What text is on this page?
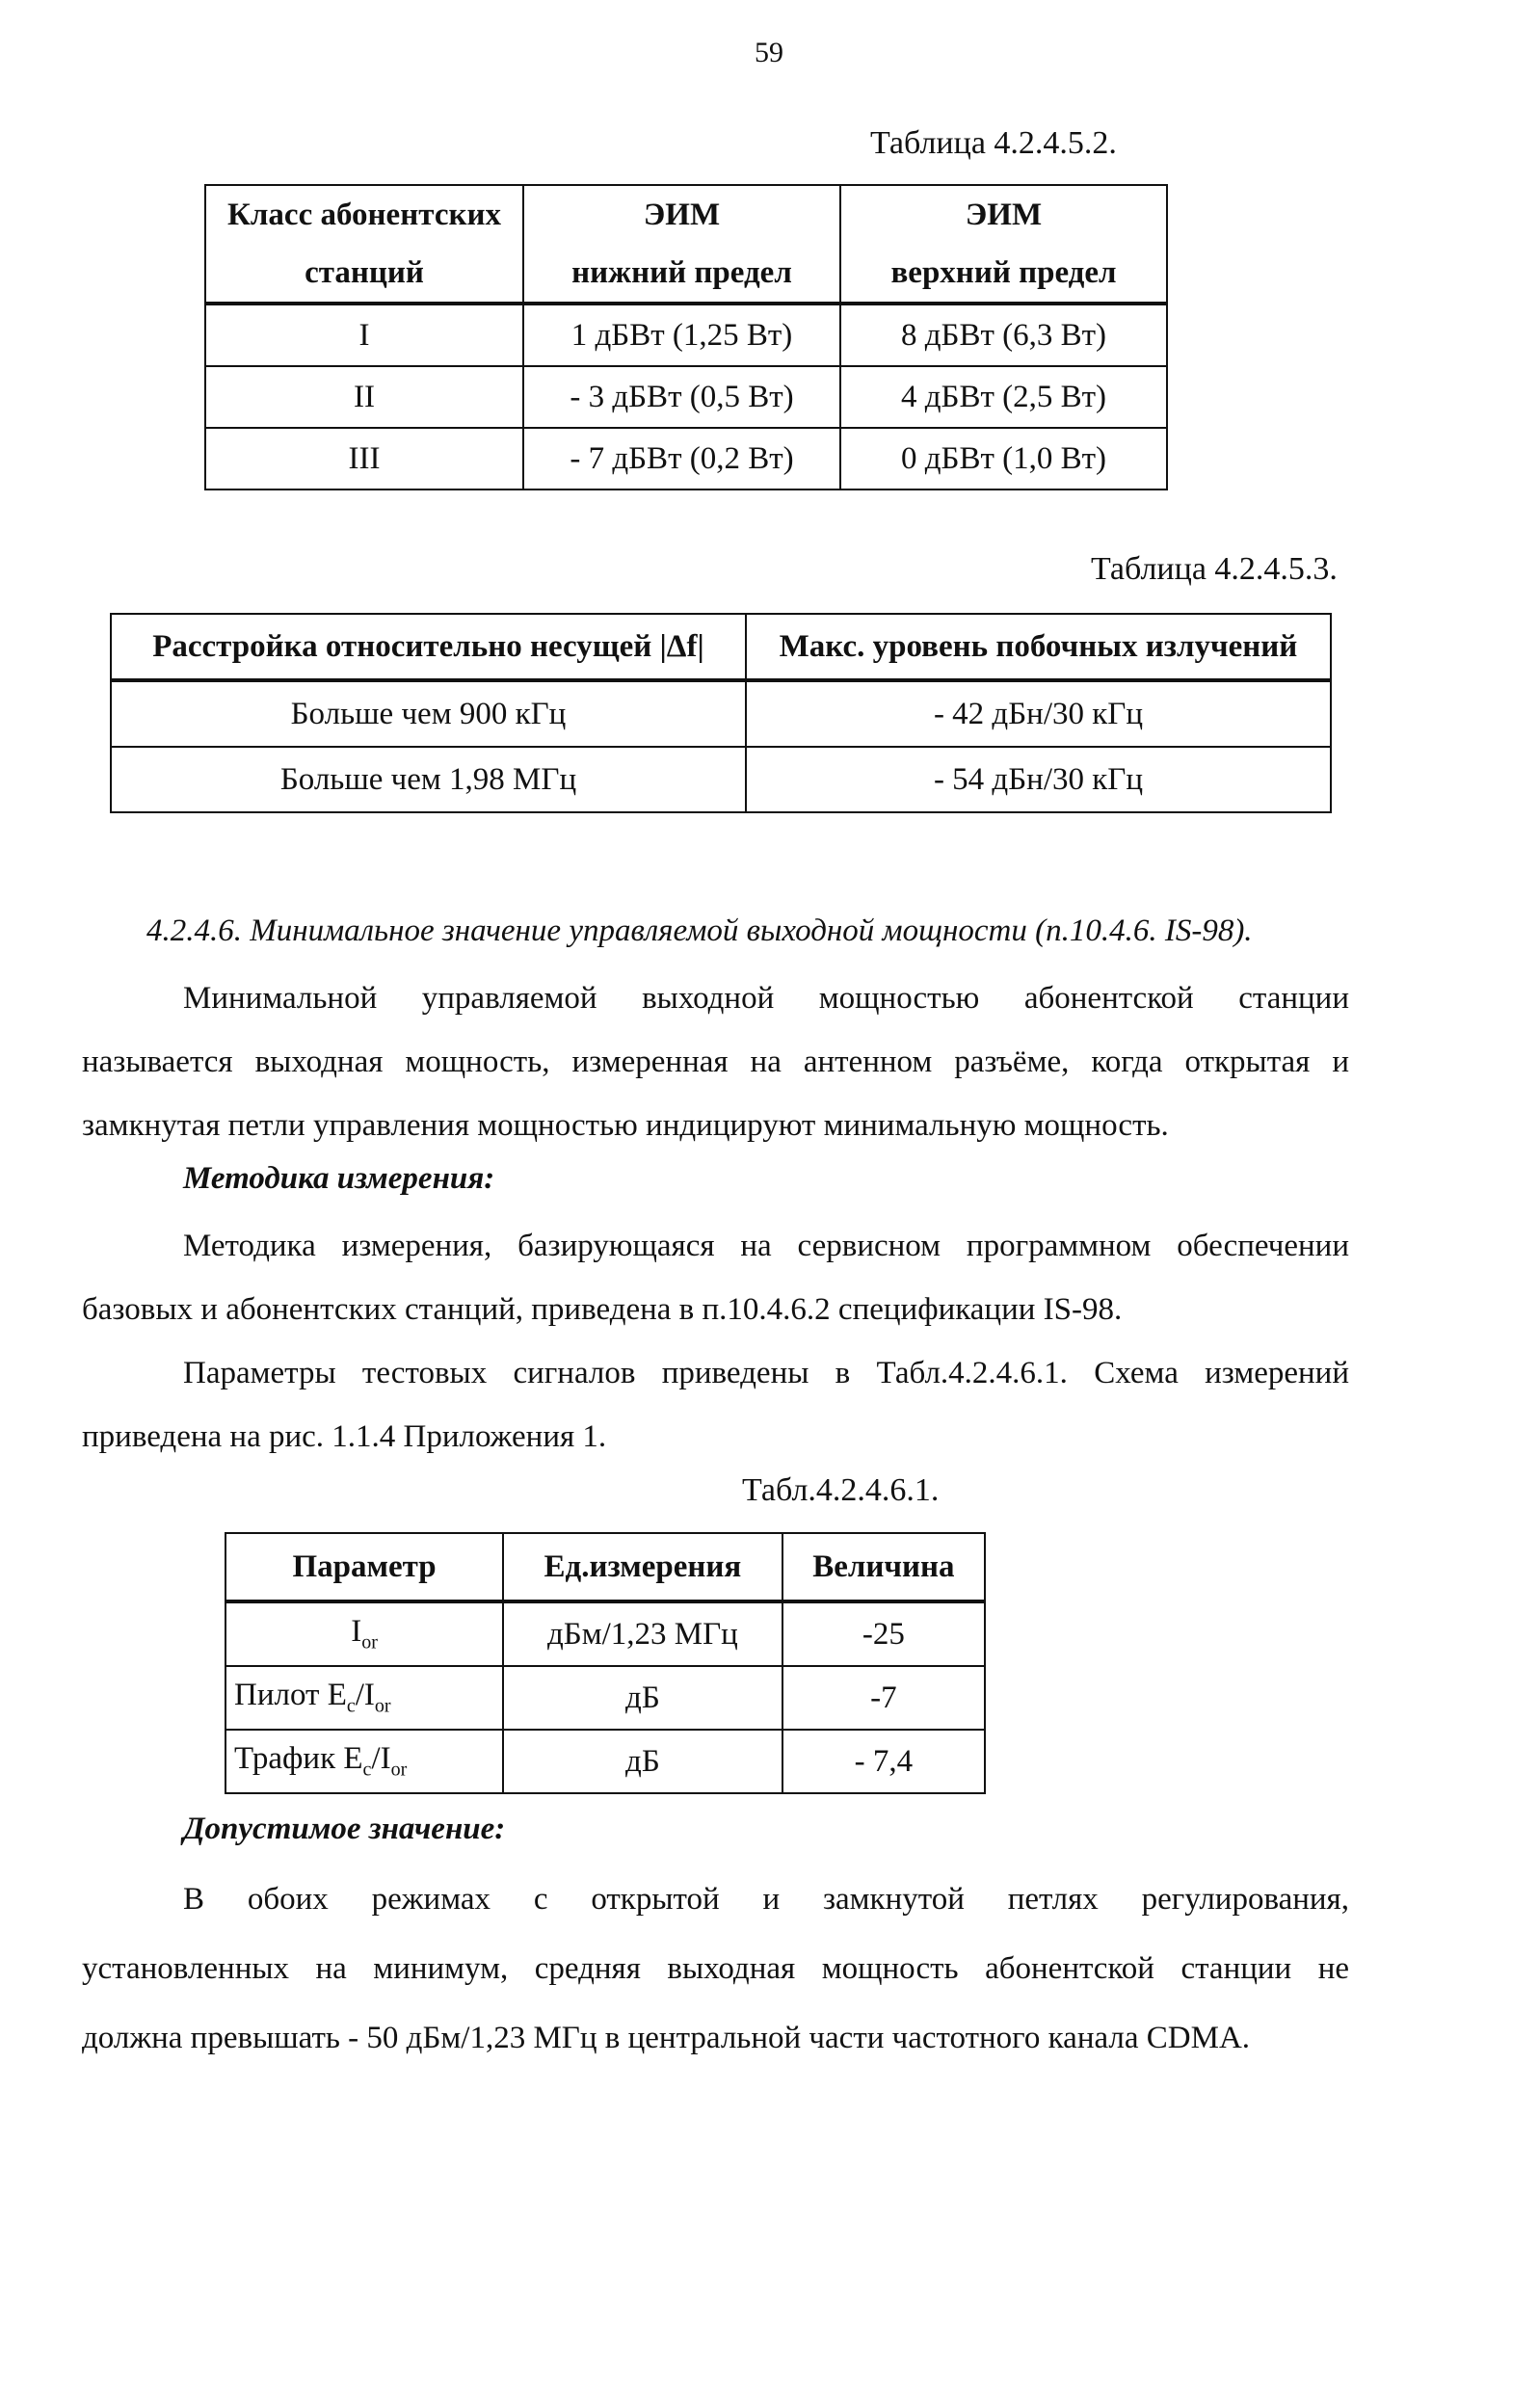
59
Таблица 4.2.4.5.2.
Класс абонентских	ЭИМ	ЭИМ
станций	нижний предел	верхний предел
I	1 дБВт (1,25 Вт)	8 дБВт (6,3 Вт)
II	- 3 дБВт (0,5 Вт)	4 дБВт (2,5 Вт)
III	- 7 дБВт (0,2 Вт)	0 дБВт (1,0 Вт)
Таблица 4.2.4.5.3.
Расстройка относительно несущей |Δf|	Макс. уровень побочных излучений
Больше чем 900 кГц	- 42 дБн/30 кГц
Больше чем 1,98 МГц	- 54 дБн/30 кГц
4.2.4.6. Минимальное значение управляемой выходной мощности (п.10.4.6. IS-98).
Минимальной управляемой выходной мощностью абонентской станции
называется выходная мощность, измеренная на антенном разъёме, когда открытая и
замкнутая петли управления мощностью индицируют минимальную мощность.
Методика измерения:
Методика измерения, базирующаяся на сервисном программном обеспечении
базовых и абонентских станций, приведена в п.10.4.6.2 спецификации IS-98.
Параметры тестовых сигналов приведены в Табл.4.2.4.6.1. Схема измерений
приведена на рис. 1.1.4 Приложения 1.
Табл.4.2.4.6.1.
Параметр	Ед.измерения	Величина
$I_{or}$	дБм/1,23 МГц	-25
Пилот $E_c/I_{or}$	дБ	-7
Трафик $E_c/I_{or}$	дБ	- 7,4
Допустимое значение:
В обоих режимах с открытой и замкнутой петлях регулирования,
установленных на минимум, средняя выходная мощность абонентской станции не
должна превышать - 50 дБм/1,23 МГц в центральной части частотного канала CDMA.
